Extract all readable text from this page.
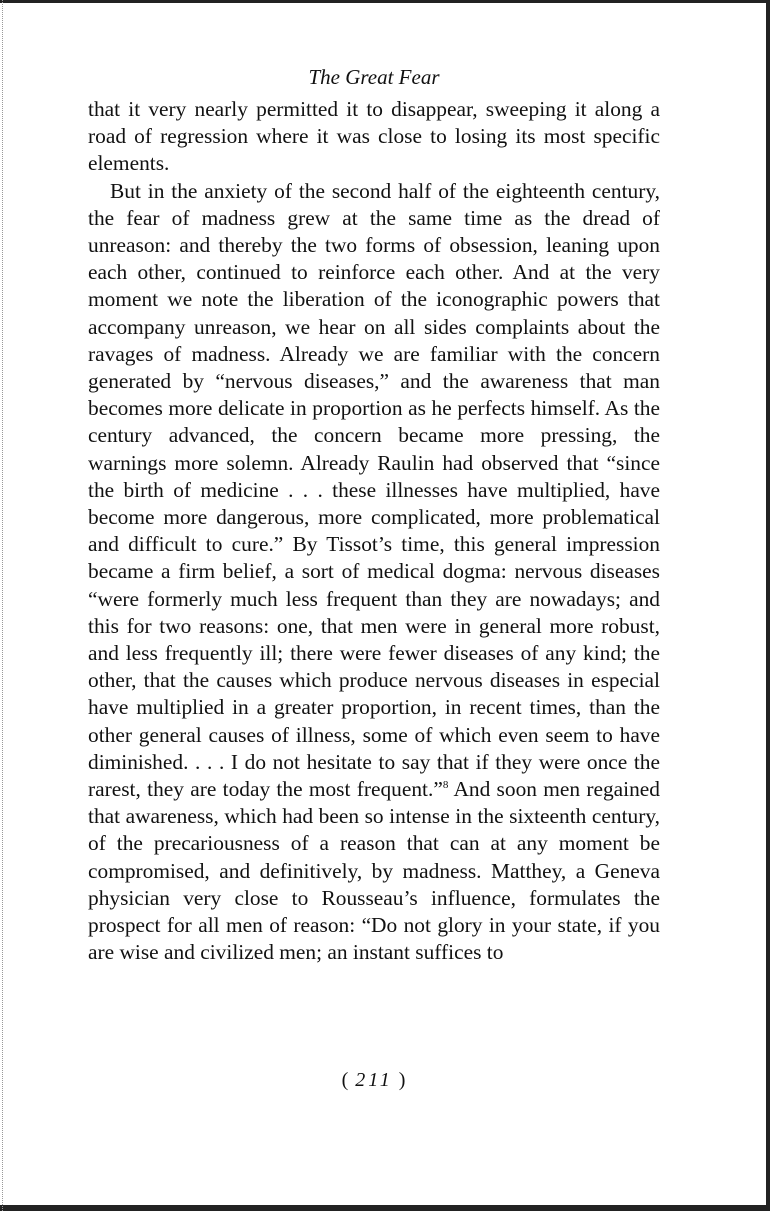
The Great Fear

that it very nearly permitted it to disappear, sweeping it along a road of regression where it was close to losing its most specific elements.

But in the anxiety of the second half of the eighteenth century, the fear of madness grew at the same time as the dread of unreason: and thereby the two forms of obsession, leaning upon each other, continued to reinforce each other. And at the very moment we note the liberation of the iconographic powers that accompany unreason, we hear on all sides complaints about the ravages of madness. Already we are familiar with the concern generated by “nervous diseases,” and the awareness that man becomes more delicate in proportion as he perfects himself. As the century advanced, the concern became more pressing, the warnings more solemn. Already Raulin had observed that “since the birth of medicine . . . these illnesses have multiplied, have become more dangerous, more complicated, more problematical and difficult to cure.” By Tissot’s time, this general impression became a firm belief, a sort of medical dogma: nervous diseases “were formerly much less frequent than they are nowadays; and this for two reasons: one, that men were in general more robust, and less frequently ill; there were fewer diseases of any kind; the other, that the causes which produce nervous diseases in especial have multiplied in a greater proportion, in recent times, than the other general causes of illness, some of which even seem to have diminished. . . . I do not hesitate to say that if they were once the rarest, they are today the most frequent.”$^8$ And soon men regained that awareness, which had been so intense in the sixteenth century, of the precariousness of a reason that can at any moment be compromised, and definitively, by madness. Matthey, a Geneva physician very close to Rousseau’s influence, formulates the prospect for all men of reason: “Do not glory in your state, if you are wise and civilized men; an instant suffices to

( 211 )
